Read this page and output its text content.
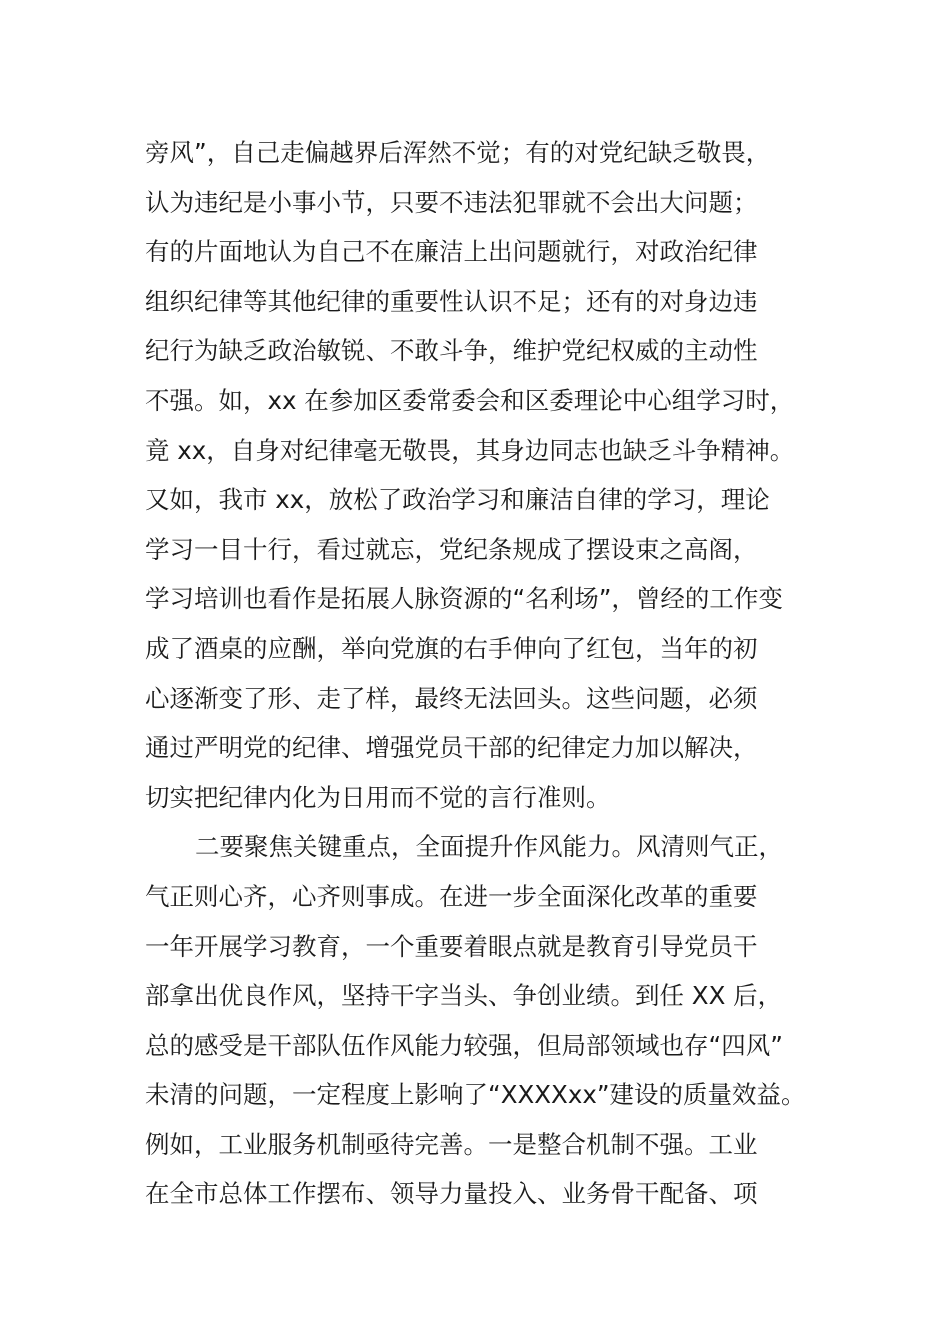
旁风”，自己走偏越界后浑然不觉；有的对党纪缺乏敬畏，
认为违纪是小事小节，只要不违法犯罪就不会出大问题；
有的片面地认为自己不在廉洁上出问题就行，对政治纪律
组织纪律等其他纪律的重要性认识不足；还有的对身边违
纪行为缺乏政治敏锐、不敢斗争，维护党纪权威的主动性
不强。如，xx 在参加区委常委会和区委理论中心组学习时，
竟 xx，自身对纪律毫无敬畏，其身边同志也缺乏斗争精神。
又如，我市 xx，放松了政治学习和廉洁自律的学习，理论
学习一目十行，看过就忘，党纪条规成了摆设束之高阁，
学习培训也看作是拓展人脉资源的“名利场”，曾经的工作变
成了酒桌的应酬，举向党旗的右手伸向了红包，当年的初
心逐渐变了形、走了样，最终无法回头。这些问题，必须
通过严明党的纪律、增强党员干部的纪律定力加以解决，
切实把纪律内化为日用而不觉的言行准则。
二要聚焦关键重点，全面提升作风能力。风清则气正，
气正则心齐，心齐则事成。在进一步全面深化改革的重要
一年开展学习教育，一个重要着眼点就是教育引导党员干
部拿出优良作风，坚持干字当头、争创业绩。到任 XX 后，
总的感受是干部队伍作风能力较强，但局部领域也存“四风”
未清的问题，一定程度上影响了“XXXXxx”建设的质量效益。
例如，工业服务机制亟待完善。一是整合机制不强。工业
在全市总体工作摆布、领导力量投入、业务骨干配备、项
